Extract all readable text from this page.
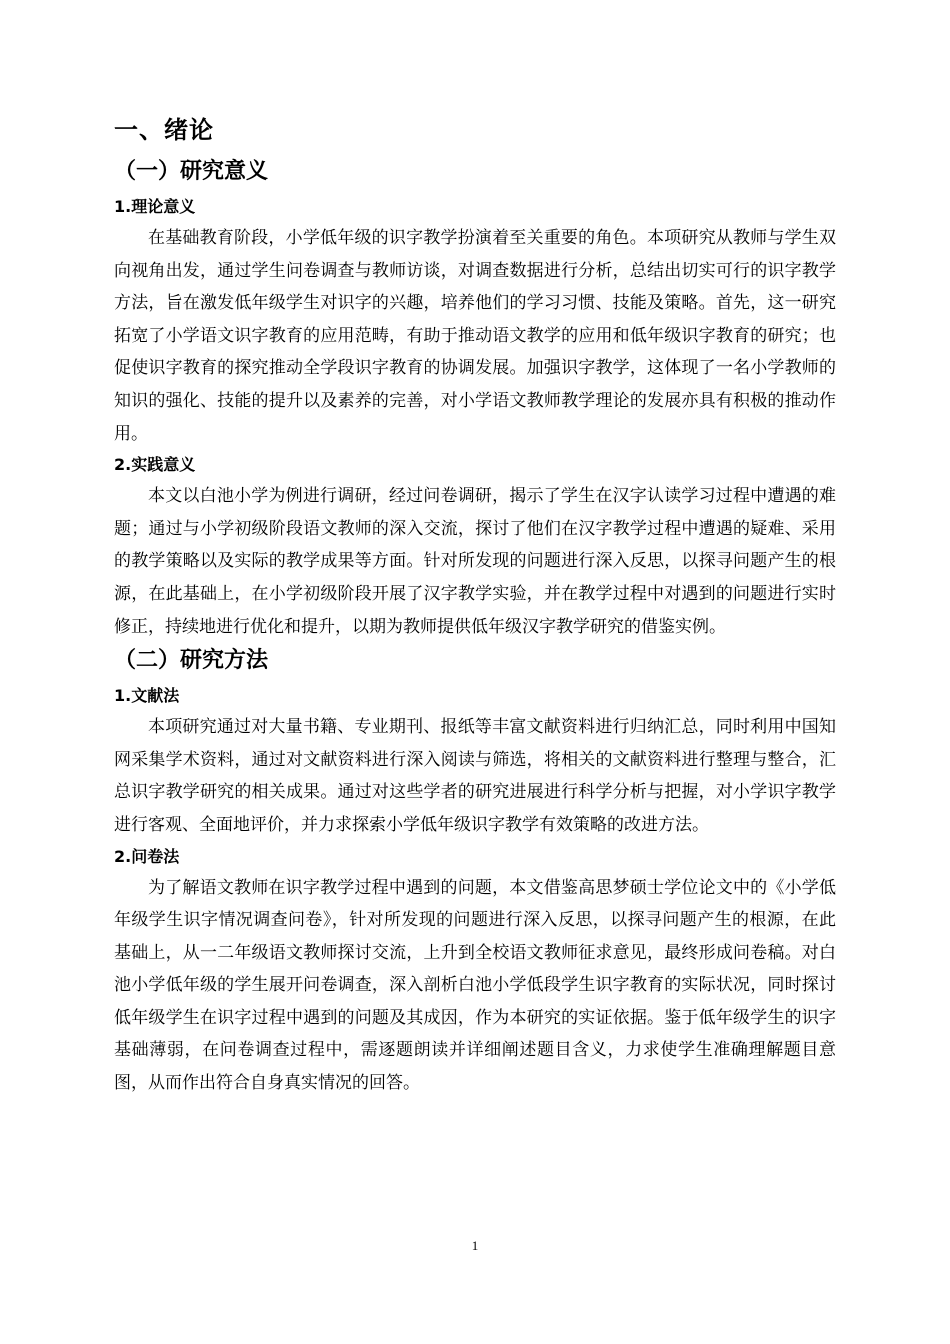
一、绪论
（一）研究意义
1.理论意义

在基础教育阶段，小学低年级的识字教学扮演着至关重要的角色。本项研究从教师与学生双向视角出发，通过学生问卷调查与教师访谈，对调查数据进行分析，总结出切实可行的识字教学方法，旨在激发低年级学生对识字的兴趣，培养他们的学习习惯、技能及策略。首先，这一研究拓宽了小学语文识字教育的应用范畴，有助于推动语文教学的应用和低年级识字教育的研究；也促使识字教育的探究推动全学段识字教育的协调发展。加强识字教学，这体现了一名小学教师的知识的强化、技能的提升以及素养的完善，对小学语文教师教学理论的发展亦具有积极的推动作用。

2.实践意义

本文以白池小学为例进行调研，经过问卷调研，揭示了学生在汉字认读学习过程中遭遇的难题；通过与小学初级阶段语文教师的深入交流，探讨了他们在汉字教学过程中遭遇的疑难、采用的教学策略以及实际的教学成果等方面。针对所发现的问题进行深入反思，以探寻问题产生的根源，在此基础上，在小学初级阶段开展了汉字教学实验，并在教学过程中对遇到的问题进行实时修正，持续地进行优化和提升，以期为教师提供低年级汉字教学研究的借鉴实例。

（二）研究方法
1.文献法

本项研究通过对大量书籍、专业期刊、报纸等丰富文献资料进行归纳汇总，同时利用中国知网采集学术资料，通过对文献资料进行深入阅读与筛选，将相关的文献资料进行整理与整合，汇总识字教学研究的相关成果。通过对这些学者的研究进展进行科学分析与把握，对小学识字教学进行客观、全面地评价，并力求探索小学低年级识字教学有效策略的改进方法。

2.问卷法

为了解语文教师在识字教学过程中遇到的问题，本文借鉴高思梦硕士学位论文中的《小学低年级学生识字情况调查问卷》，针对所发现的问题进行深入反思，以探寻问题产生的根源，在此基础上，从一二年级语文教师探讨交流，上升到全校语文教师征求意见，最终形成问卷稿。对白池小学低年级的学生展开问卷调查，深入剖析白池小学低段学生识字教育的实际状况，同时探讨低年级学生在识字过程中遇到的问题及其成因，作为本研究的实证依据。鉴于低年级学生的识字基础薄弱，在问卷调查过程中，需逐题朗读并详细阐述题目含义，力求使学生准确理解题目意图，从而作出符合自身真实情况的回答。

1
